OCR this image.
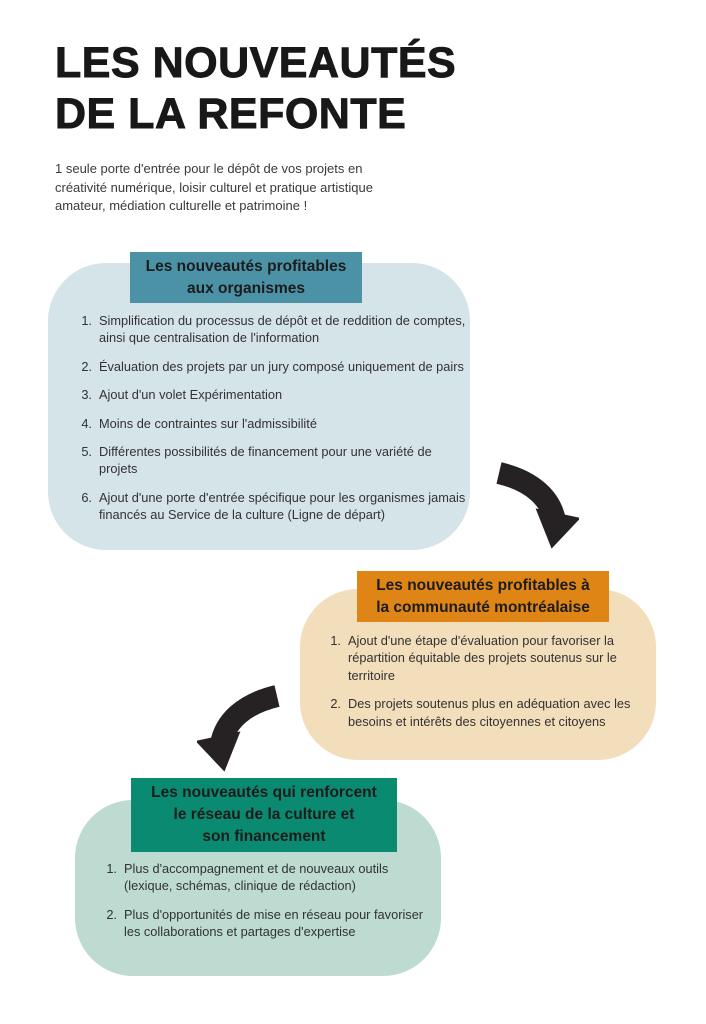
LES NOUVEAUTÉS
DE LA REFONTE

1 seule porte d'entrée pour le dépôt de vos projets en créativité numérique, loisir culturel et pratique artistique amateur, médiation culturelle et patrimoine !

Les nouveautés profitables
aux organismes
1. Simplification du processus de dépôt et de reddition de comptes, ainsi que centralisation de l'information
2. Évaluation des projets par un jury composé uniquement de pairs
3. Ajout d'un volet Expérimentation
4. Moins de contraintes sur l'admissibilité
5. Différentes possibilités de financement pour une variété de projets
6. Ajout d'une porte d'entrée spécifique pour les organismes jamais financés au Service de la culture (Ligne de départ)
Les nouveautés profitables à
la communauté montréalaise
1. Ajout d'une étape d'évaluation pour favoriser la répartition équitable des projets soutenus sur le territoire
2. Des projets soutenus plus en adéquation avec les besoins et intérêts des citoyennes et citoyens
Les nouveautés qui renforcent
le réseau de la culture et
son financement
1. Plus d'accompagnement et de nouveaux outils (lexique, schémas, clinique de rédaction)
2. Plus d'opportunités de mise en réseau pour favoriser les collaborations et partages d'expertise
